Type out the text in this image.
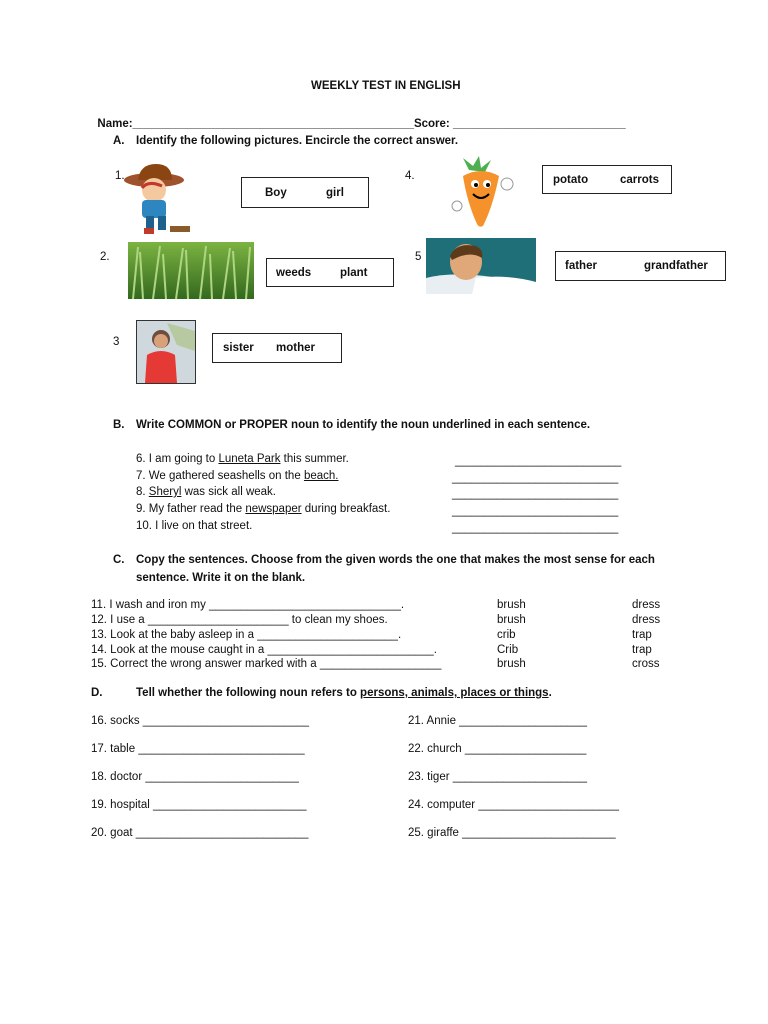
WEEKLY TEST IN ENGLISH

Name:____________________________________________Score: ___________________________

A. Identify the following pictures. Encircle the correct answer.
1.
Boy	girl
4.	potato	carrots
2.
weeds	plant
5
father	grandfather
3	sister mother
B. Write COMMON or PROPER noun to identify the noun underlined in each sentence.
6. I am going to Luneta Park this summer.	__________________________
7. We gathered seashells on the beach.	__________________________
8. Sheryl was sick all weak.	__________________________
9. My father read the newspaper during breakfast.	__________________________
10. I live on that street.	__________________________
C. Copy the sentences. Choose from the given words the one that makes the most sense for each
sentence. Write it on the blank.
11. I wash and iron my ______________________________.	brush	dress
12. I use a ______________________ to clean my shoes.	brush	dress
13. Look at the baby asleep in a ______________________.	crib	trap
14. Look at the mouse caught in a __________________________.	Crib	trap
15. Correct the wrong answer marked with a ___________________	brush	cross
D.	Tell whether the following noun refers to persons, animals, places or things.
16. socks __________________________
17. table __________________________
18. doctor ________________________
19. hospital ________________________
20. goat ___________________________
21. Annie ____________________
22. church ___________________
23. tiger _____________________
24. computer ______________________
25. giraffe ________________________
